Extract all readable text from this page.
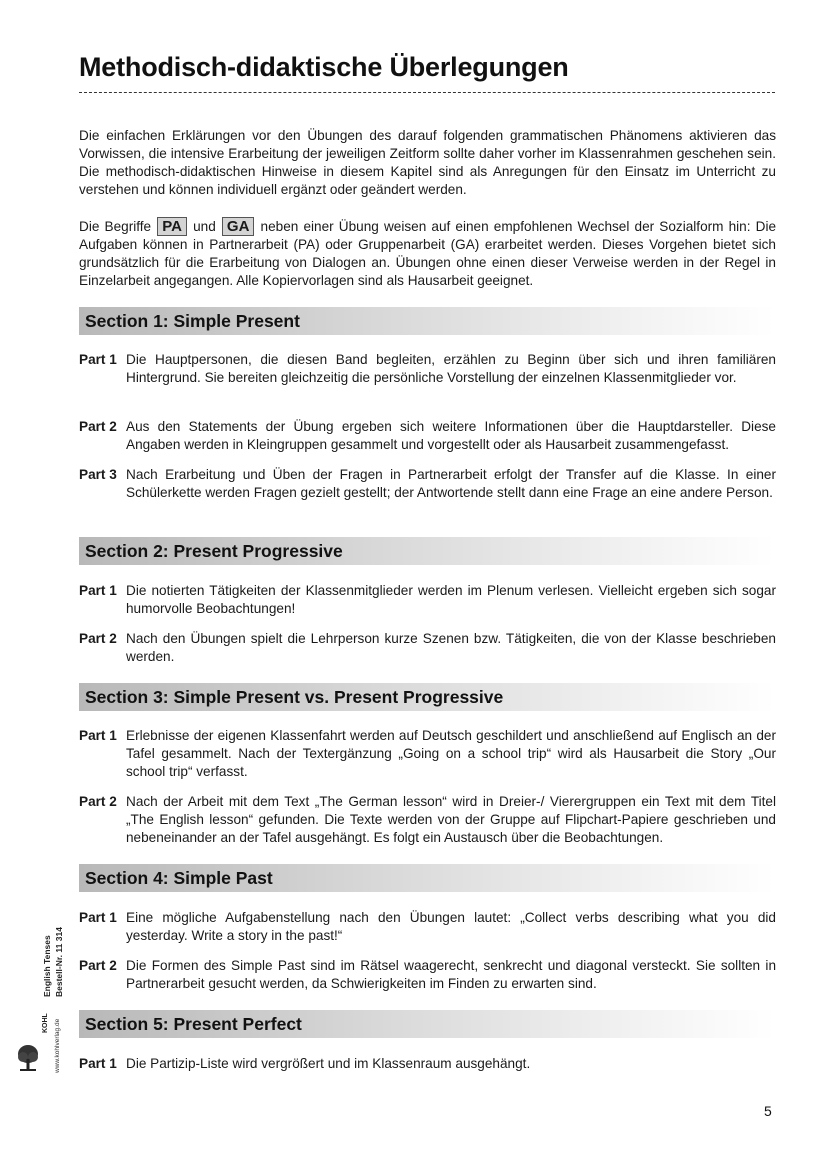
Methodisch-didaktische Überlegungen

Die einfachen Erklärungen vor den Übungen des darauf folgenden grammatischen Phänomens aktivieren das Vorwissen, die intensive Erarbeitung der jeweiligen Zeitform sollte daher vorher im Klassenrahmen geschehen sein. Die methodisch-didaktischen Hinweise in diesem Kapitel sind als Anregungen für den Einsatz im Unterricht zu verstehen und können individuell ergänzt oder geändert werden.

Die Begriffe PA und GA neben einer Übung weisen auf einen empfohlenen Wechsel der Sozialform hin: Die Aufgaben können in Partnerarbeit (PA) oder Gruppenarbeit (GA) erarbeitet werden. Dieses Vorgehen bietet sich grundsätzlich für die Erarbeitung von Dialogen an. Übungen ohne einen dieser Verweise werden in der Regel in Einzelarbeit angegangen. Alle Kopiervorlagen sind als Hausarbeit geeignet.

Section 1: Simple Present
Part 1 Die Hauptpersonen, die diesen Band begleiten, erzählen zu Beginn über sich und ihren familiären Hintergrund. Sie bereiten gleichzeitig die persönliche Vorstellung der einzelnen Klassenmitglieder vor.
Part 2 Aus den Statements der Übung ergeben sich weitere Informationen über die Hauptdarsteller. Diese Angaben werden in Kleingruppen gesammelt und vorgestellt oder als Hausarbeit zusammengefasst.
Part 3 Nach Erarbeitung und Üben der Fragen in Partnerarbeit erfolgt der Transfer auf die Klasse. In einer Schülerkette werden Fragen gezielt gestellt; der Antwortende stellt dann eine Frage an eine andere Person.
Section 2: Present Progressive
Part 1 Die notierten Tätigkeiten der Klassenmitglieder werden im Plenum verlesen. Vielleicht ergeben sich sogar humorvolle Beobachtungen!
Part 2 Nach den Übungen spielt die Lehrperson kurze Szenen bzw. Tätigkeiten, die von der Klasse beschrieben werden.
Section 3: Simple Present vs. Present Progressive
Part 1 Erlebnisse der eigenen Klassenfahrt werden auf Deutsch geschildert und anschließend auf Englisch an der Tafel gesammelt. Nach der Textergänzung „Going on a school trip“ wird als Hausarbeit die Story „Our school trip“ verfasst.
Part 2 Nach der Arbeit mit dem Text „The German lesson“ wird in Dreier-/ Vierergruppen ein Text mit dem Titel „The English lesson“ gefunden. Die Texte werden von der Gruppe auf Flipchart-Papiere geschrieben und nebeneinander an der Tafel ausgehängt. Es folgt ein Austausch über die Beobachtungen.
Section 4: Simple Past
Part 1 Eine mögliche Aufgabenstellung nach den Übungen lautet: „Collect verbs describing what you did yesterday. Write a story in the past!“
Part 2 Die Formen des Simple Past sind im Rätsel waagerecht, senkrecht und diagonal versteckt. Sie sollten in Partnerarbeit gesucht werden, da Schwierigkeiten im Finden zu erwarten sind.
Section 5: Present Perfect
Part 1 Die Partizip-Liste wird vergrößert und im Klassenraum ausgehängt.
English Tenses Bestell-Nr. 11 314
KOHL www.kohlverlag.de
5
